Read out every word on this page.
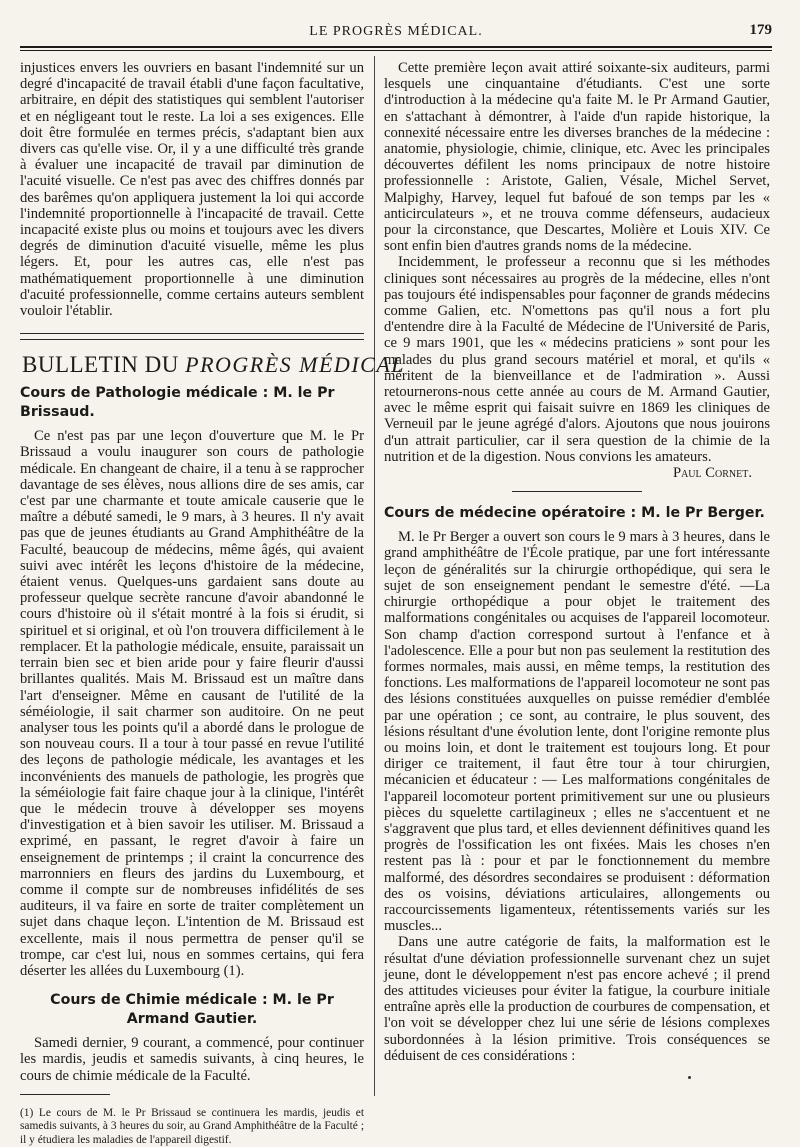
LE PROGRÈS MÉDICAL.	179

injustices envers les ouvriers en basant l'indemnité sur un degré d'incapacité de travail établi d'une façon facultative, arbitraire, en dépit des statistiques qui semblent l'autoriser et en négligeant tout le reste. La loi a ses exigences. Elle doit être formulée en termes précis, s'adaptant bien aux divers cas qu'elle vise. Or, il y a une difficulté très grande à évaluer une incapacité de travail par diminution de l'acuité visuelle. Ce n'est pas avec des chiffres donnés par des barêmes qu'on appliquera justement la loi qui accorde l'indemnité proportionnelle à l'incapacité de travail. Cette incapacité existe plus ou moins et toujours avec les divers degrés de diminution d'acuité visuelle, même les plus légers. Et, pour les autres cas, elle n'est pas mathématiquement proportionnelle à une diminution d'acuité professionnelle, comme certains auteurs semblent vouloir l'établir.

BULLETIN DU PROGRÈS MÉDICAL
Cours de Pathologie médicale : M. le Pr Brissaud.

Ce n'est pas par une leçon d'ouverture que M. le Pr Brissaud a voulu inaugurer son cours de pathologie médicale. En changeant de chaire, il a tenu à se rapprocher davantage de ses élèves, nous allions dire de ses amis, car c'est par une charmante et toute amicale causerie que le maître a débuté samedi, le 9 mars, à 3 heures. Il n'y avait pas que de jeunes étudiants au Grand Amphithéâtre de la Faculté, beaucoup de médecins, même âgés, qui avaient suivi avec intérêt les leçons d'histoire de la médecine, étaient venus. Quelques-uns gardaient sans doute au professeur quelque secrète rancune d'avoir abandonné le cours d'histoire où il s'était montré à la fois si érudit, si spirituel et si original, et où l'on trouvera difficilement à le remplacer. Et la pathologie médicale, ensuite, paraissait un terrain bien sec et bien aride pour y faire fleurir d'aussi brillantes qualités. Mais M. Brissaud est un maître dans l'art d'enseigner. Même en causant de l'utilité de la séméiologie, il sait charmer son auditoire. On ne peut analyser tous les points qu'il a abordé dans le prologue de son nouveau cours. Il a tour à tour passé en revue l'utilité des leçons de pathologie médicale, les avantages et les inconvénients des manuels de pathologie, les progrès que la séméiologie fait faire chaque jour à la clinique, l'intérêt que le médecin trouve à développer ses moyens d'investigation et à bien savoir les utiliser. M. Brissaud a exprimé, en passant, le regret d'avoir à faire un enseignement de printemps ; il craint la concurrence des marronniers en fleurs des jardins du Luxembourg, et comme il compte sur de nombreuses infidélités de ses auditeurs, il va faire en sorte de traiter complètement un sujet dans chaque leçon. L'intention de M. Brissaud est excellente, mais il nous permettra de penser qu'il se trompe, car c'est lui, nous en sommes certains, qui fera déserter les allées du Luxembourg (1).

Cours de Chimie médicale : M. le Pr Armand Gautier.

Samedi dernier, 9 courant, a commencé, pour continuer les mardis, jeudis et samedis suivants, à cinq heures, le cours de chimie médicale de la Faculté.

(1) Le cours de M. le Pr Brissaud se continuera les mardis, jeudis et samedis suivants, à 3 heures du soir, au Grand Amphithéâtre de la Faculté ; il y étudiera les maladies de l'appareil digestif.

Cette première leçon avait attiré soixante-six auditeurs, parmi lesquels une cinquantaine d'étudiants. C'est une sorte d'introduction à la médecine qu'a faite M. le Pr Armand Gautier, en s'attachant à démontrer, à l'aide d'un rapide historique, la connexité nécessaire entre les diverses branches de la médecine : anatomie, physiologie, chimie, clinique, etc. Avec les principales découvertes défilent les noms principaux de notre histoire professionnelle : Aristote, Galien, Vésale, Michel Servet, Malpighy, Harvey, lequel fut bafoué de son temps par les « anticirculateurs », et ne trouva comme défenseurs, audacieux pour la circonstance, que Descartes, Molière et Louis XIV. Ce sont enfin bien d'autres grands noms de la médecine.

Incidemment, le professeur a reconnu que si les méthodes cliniques sont nécessaires au progrès de la médecine, elles n'ont pas toujours été indispensables pour façonner de grands médecins comme Galien, etc. N'omettons pas qu'il nous a fort plu d'entendre dire à la Faculté de Médecine de l'Université de Paris, ce 9 mars 1901, que les « médecins praticiens » sont pour les malades du plus grand secours matériel et moral, et qu'ils « méritent de la bienveillance et de l'admiration ». Aussi retournerons-nous cette année au cours de M. Armand Gautier, avec le même esprit qui faisait suivre en 1869 les cliniques de Verneuil par le jeune agrégé d'alors. Ajoutons que nous jouirons d'un attrait particulier, car il sera question de la chimie de la nutrition et de la digestion. Nous convions les amateurs.

Paul Cornet.

Cours de médecine opératoire : M. le Pr Berger.

M. le Pr Berger a ouvert son cours le 9 mars à 3 heures, dans le grand amphithéâtre de l'École pratique, par une fort intéressante leçon de généralités sur la chirurgie orthopédique, qui sera le sujet de son enseignement pendant le semestre d'été. —La chirurgie orthopédique a pour objet le traitement des malformations congénitales ou acquises de l'appareil locomoteur. Son champ d'action correspond surtout à l'enfance et à l'adolescence. Elle a pour but non pas seulement la restitution des formes normales, mais aussi, en même temps, la restitution des fonctions. Les malformations de l'appareil locomoteur ne sont pas des lésions constituées auxquelles on puisse remédier d'emblée par une opération ; ce sont, au contraire, le plus souvent, des lésions résultant d'une évolution lente, dont l'origine remonte plus ou moins loin, et dont le traitement est toujours long. Et pour diriger ce traitement, il faut être tour à tour chirurgien, mécanicien et éducateur : — Les malformations congénitales de l'appareil locomoteur portent primitivement sur une ou plusieurs pièces du squelette cartilagineux ; elles ne s'accentuent et ne s'aggravent que plus tard, et elles deviennent définitives quand les progrès de l'ossification les ont fixées. Mais les choses n'en restent pas là : pour et par le fonctionnement du membre malformé, des désordres secondaires se produisent : déformation des os voisins, déviations articulaires, allongements ou raccourcissements ligamenteux, rétentissements variés sur les muscles...

Dans une autre catégorie de faits, la malformation est le résultat d'une déviation professionnelle survenant chez un sujet jeune, dont le développement n'est pas encore achevé ; il prend des attitudes vicieuses pour éviter la fatigue, la courbure initiale entraîne après elle la production de courbures de compensation, et l'on voit se développer chez lui une série de lésions complexes subordonnées à la lésion primitive. Trois conséquences se déduisent de ces considérations :
